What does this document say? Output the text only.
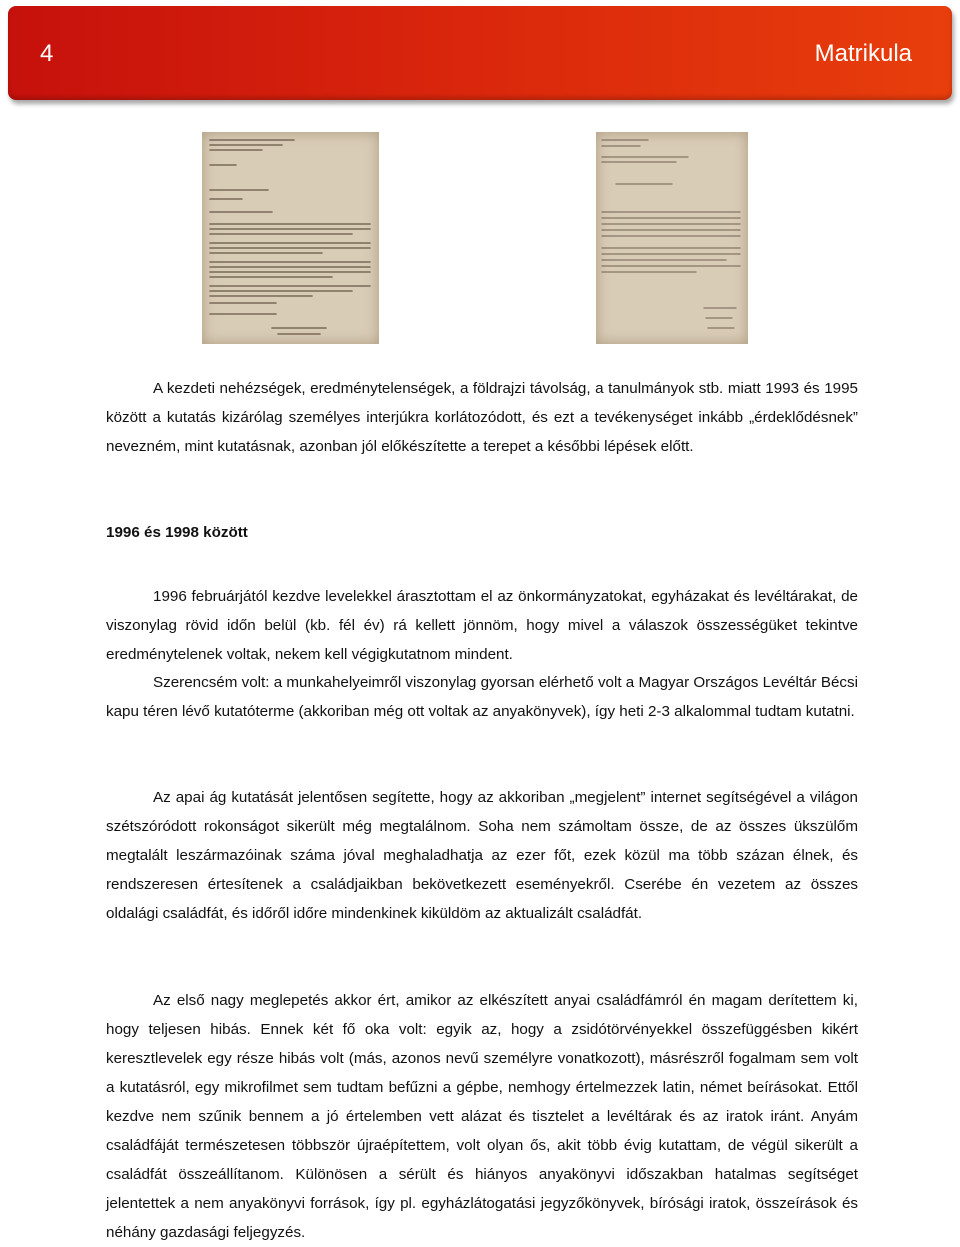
4	Matrikula

A kezdeti nehézségek, eredménytelenségek, a földrajzi távolság, a tanulmányok stb. miatt 1993 és 1995 között a kutatás kizárólag személyes interjúkra korlátozódott, és ezt a tevékenységet inkább „érdeklődésnek” nevezném, mint kutatásnak, azonban jól előkészítette a terepet a későbbi lépések előtt.

1996 és 1998 között

1996 februárjától kezdve levelekkel árasztottam el az önkormányzatokat, egyházakat és levéltárakat, de viszonylag rövid időn belül (kb. fél év) rá kellett jönnöm, hogy mivel a válaszok összességüket tekintve eredménytelenek voltak, nekem kell végigkutatnom mindent.

Szerencsém volt: a munkahelyeimről viszonylag gyorsan elérhető volt a Magyar Országos Levéltár Bécsi kapu téren lévő kutatóterme (akkoriban még ott voltak az anyakönyvek), így heti 2-3 alkalommal tudtam kutatni.

Az apai ág kutatását jelentősen segítette, hogy az akkoriban „megjelent” internet segítségével a világon szétszóródott rokonságot sikerült még megtalálnom. Soha nem számoltam össze, de az összes ükszülőm megtalált leszármazóinak száma jóval meghaladhatja az ezer főt, ezek közül ma több százan élnek, és rendszeresen értesítenek a családjaikban bekövetkezett eseményekről. Cserébe én vezetem az összes oldalági családfát, és időről időre mindenkinek kiküldöm az aktualizált családfát.

Az első nagy meglepetés akkor ért, amikor az elkészített anyai családfámról én magam derítettem ki, hogy teljesen hibás. Ennek két fő oka volt: egyik az, hogy a zsidótörvényekkel összefüggésben kikért keresztlevelek egy része hibás volt (más, azonos nevű személyre vonatkozott), másrészről fogalmam sem volt a kutatásról, egy mikrofilmet sem tudtam befűzni a gépbe, nemhogy értelmezzek latin, német beírásokat. Ettől kezdve nem szűnik bennem a jó értelemben vett alázat és tisztelet a levéltárak és az iratok iránt. Anyám családfáját természetesen többször újraépítettem, volt olyan ős, akit több évig kutattam, de végül sikerült a családfát összeállítanom. Különösen a sérült és hiányos anyakönyvi időszakban hatalmas segítséget jelentettek a nem anyakönyvi források, így pl. egyházlátogatási jegyzőkönyvek, bírósági iratok, összeírások és néhány gazdasági feljegyzés.
